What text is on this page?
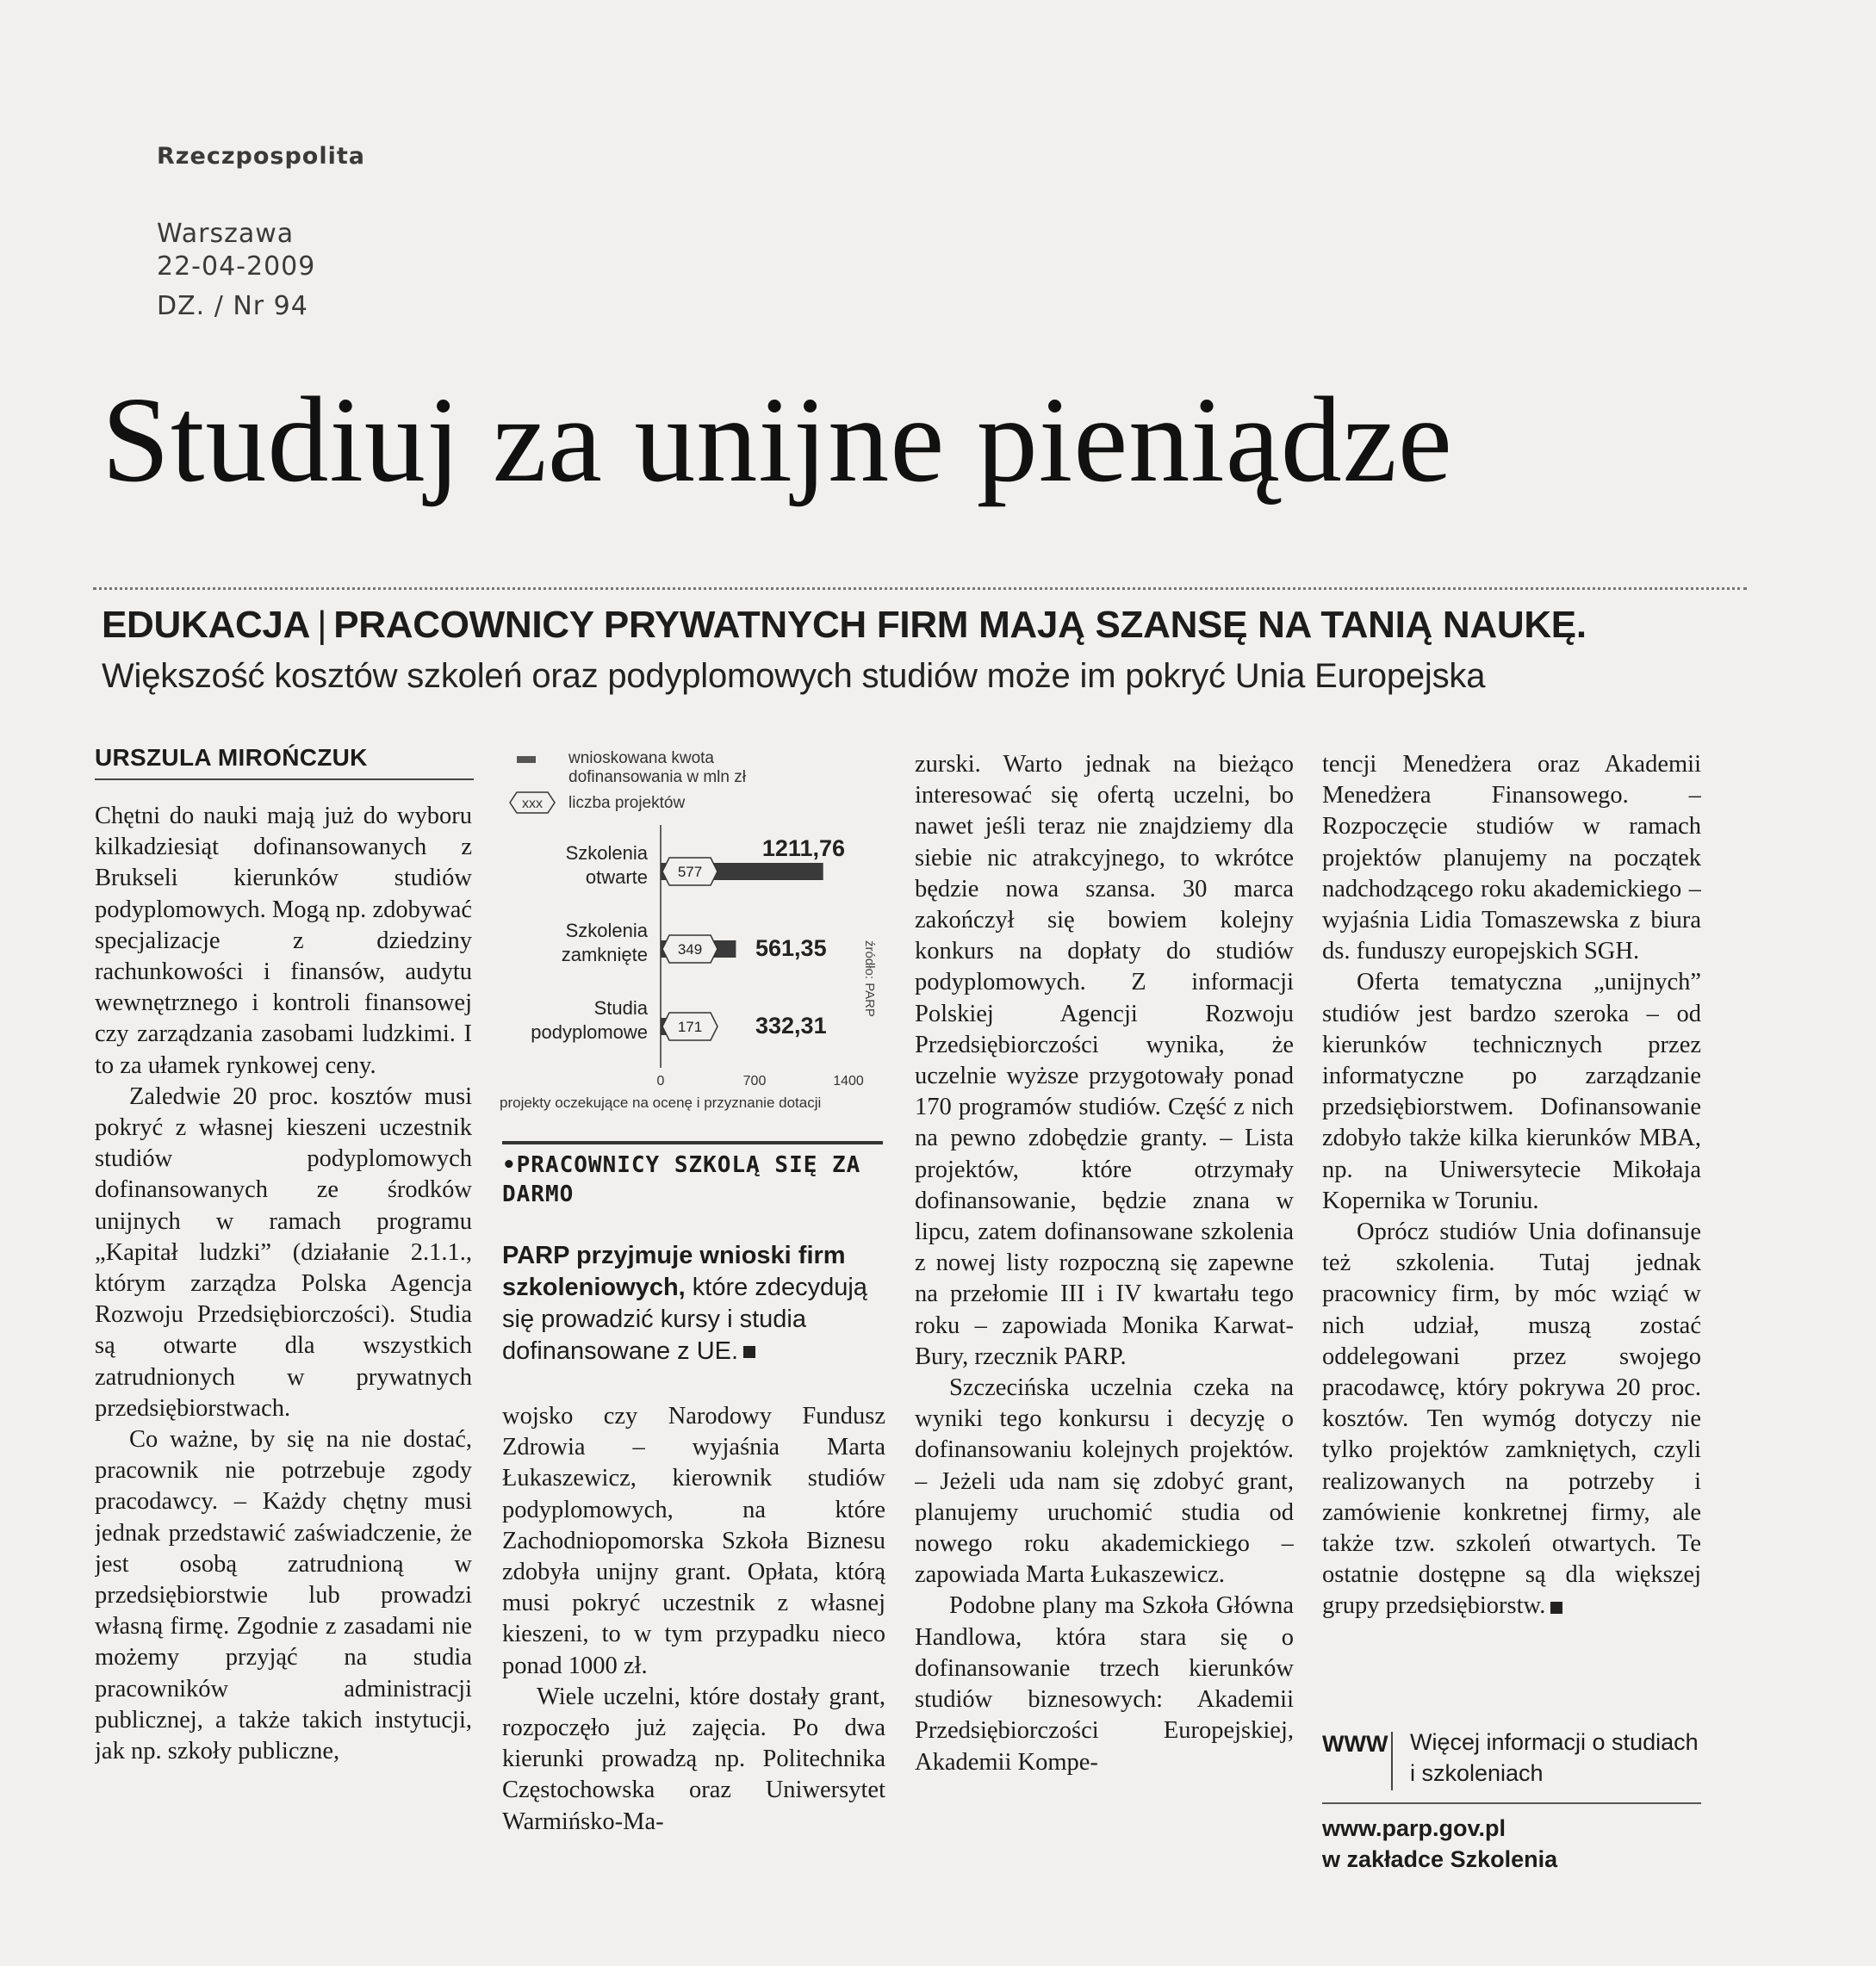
Rzeczpospolita
Warszawa
22-04-2009
DZ. / Nr 94
Studiuj za unijne pieniądze
EDUKACJA | PRACOWNICY PRYWATNYCH FIRM MAJĄ SZANSĘ NA TANIĄ NAUKĘ.
Większość kosztów szkoleń oraz podyplomowych studiów może im pokryć Unia Europejska
URSZULA MIROŃCZUK

Chętni do nauki mają już do wyboru kilkadziesiąt dofinansowanych z Brukseli kierunków studiów podyplomowych. Mogą np. zdobywać specjalizacje z dziedziny rachunkowości i finansów, audytu wewnętrznego i kontroli finansowej czy zarządzania zasobami ludzkimi. I to za ułamek rynkowej ceny.

Zaledwie 20 proc. kosztów musi pokryć z własnej kieszeni uczestnik studiów podyplomowych dofinansowanych ze środków unijnych w ramach programu „Kapitał ludzki” (działanie 2.1.1., którym zarządza Polska Agencja Rozwoju Przedsiębiorczości). Studia są otwarte dla wszystkich zatrudnionych w prywatnych przedsiębiorstwach.

Co ważne, by się na nie dostać, pracownik nie potrzebuje zgody pracodawcy. – Każdy chętny musi jednak przedstawić zaświadczenie, że jest osobą zatrudnioną w przedsiębiorstwie lub prowadzi własną firmę. Zgodnie z zasadami nie możemy przyjąć na studia pracowników administracji publicznej, a także takich instytucji, jak np. szkoły publiczne,

wnioskowana kwota dofinansowania w mln zł
xxx liczba projektów
0	700	1400
Szkolenia
otwarte 577
1211,76
Szkolenia
zamknięte 349 561,35
Studia
podyplomowe 171 332,31
źródło: PARP
projekty oczekujące na ocenę i przyznanie dotacji
•PRACOWNICY SZKOLĄ SIĘ ZA DARMO
PARP przyjmuje wnioski firm szkoleniowych, które zdecydują się prowadzić kursy i studia dofinansowane z UE.

wojsko czy Narodowy Fundusz Zdrowia – wyjaśnia Marta Łukaszewicz, kierownik studiów podyplomowych, na które Zachodniopomorska Szkoła Biznesu zdobyła unijny grant. Opłata, którą musi pokryć uczestnik z własnej kieszeni, to w tym przypadku nieco ponad 1000 zł.

Wiele uczelni, które dostały grant, rozpoczęło już zajęcia. Po dwa kierunki prowadzą np. Politechnika Częstochowska oraz Uniwersytet Warmińsko-Ma-

zurski. Warto jednak na bieżąco interesować się ofertą uczelni, bo nawet jeśli teraz nie znajdziemy dla siebie nic atrakcyjnego, to wkrótce będzie nowa szansa. 30 marca zakończył się bowiem kolejny konkurs na dopłaty do studiów podyplomowych. Z informacji Polskiej Agencji Rozwoju Przedsiębiorczości wynika, że uczelnie wyższe przygotowały ponad 170 programów studiów. Część z nich na pewno zdobędzie granty. – Lista projektów, które otrzymały dofinansowanie, będzie znana w lipcu, zatem dofinansowane szkolenia z nowej listy rozpoczną się zapewne na przełomie III i IV kwartału tego roku – zapowiada Monika Karwat-Bury, rzecznik PARP.

Szczecińska uczelnia czeka na wyniki tego konkursu i decyzję o dofinansowaniu kolejnych projektów. – Jeżeli uda nam się zdobyć grant, planujemy uruchomić studia od nowego roku akademickiego – zapowiada Marta Łukaszewicz.

Podobne plany ma Szkoła Główna Handlowa, która stara się o dofinansowanie trzech kierunków studiów biznesowych: Akademii Przedsiębiorczości Europejskiej, Akademii Kompe-

tencji Menedżera oraz Akademii Menedżera Finansowego. – Rozpoczęcie studiów w ramach projektów planujemy na początek nadchodzącego roku akademickiego – wyjaśnia Lidia Tomaszewska z biura ds. funduszy europejskich SGH.

Oferta tematyczna „unijnych” studiów jest bardzo szeroka – od kierunków technicznych przez informatyczne po zarządzanie przedsiębiorstwem. Dofinansowanie zdobyło także kilka kierunków MBA, np. na Uniwersytecie Mikołaja Kopernika w Toruniu.

Oprócz studiów Unia dofinansuje też szkolenia. Tutaj jednak pracownicy firm, by móc wziąć w nich udział, muszą zostać oddelegowani przez swojego pracodawcę, który pokrywa 20 proc. kosztów. Ten wymóg dotyczy nie tylko projektów zamkniętych, czyli realizowanych na potrzeby i zamówienie konkretnej firmy, ale także tzw. szkoleń otwartych. Te ostatnie dostępne są dla większej grupy przedsiębiorstw.

WWW Więcej informacji o studiach i szkoleniach
www.parp.gov.pl
w zakładce Szkolenia
